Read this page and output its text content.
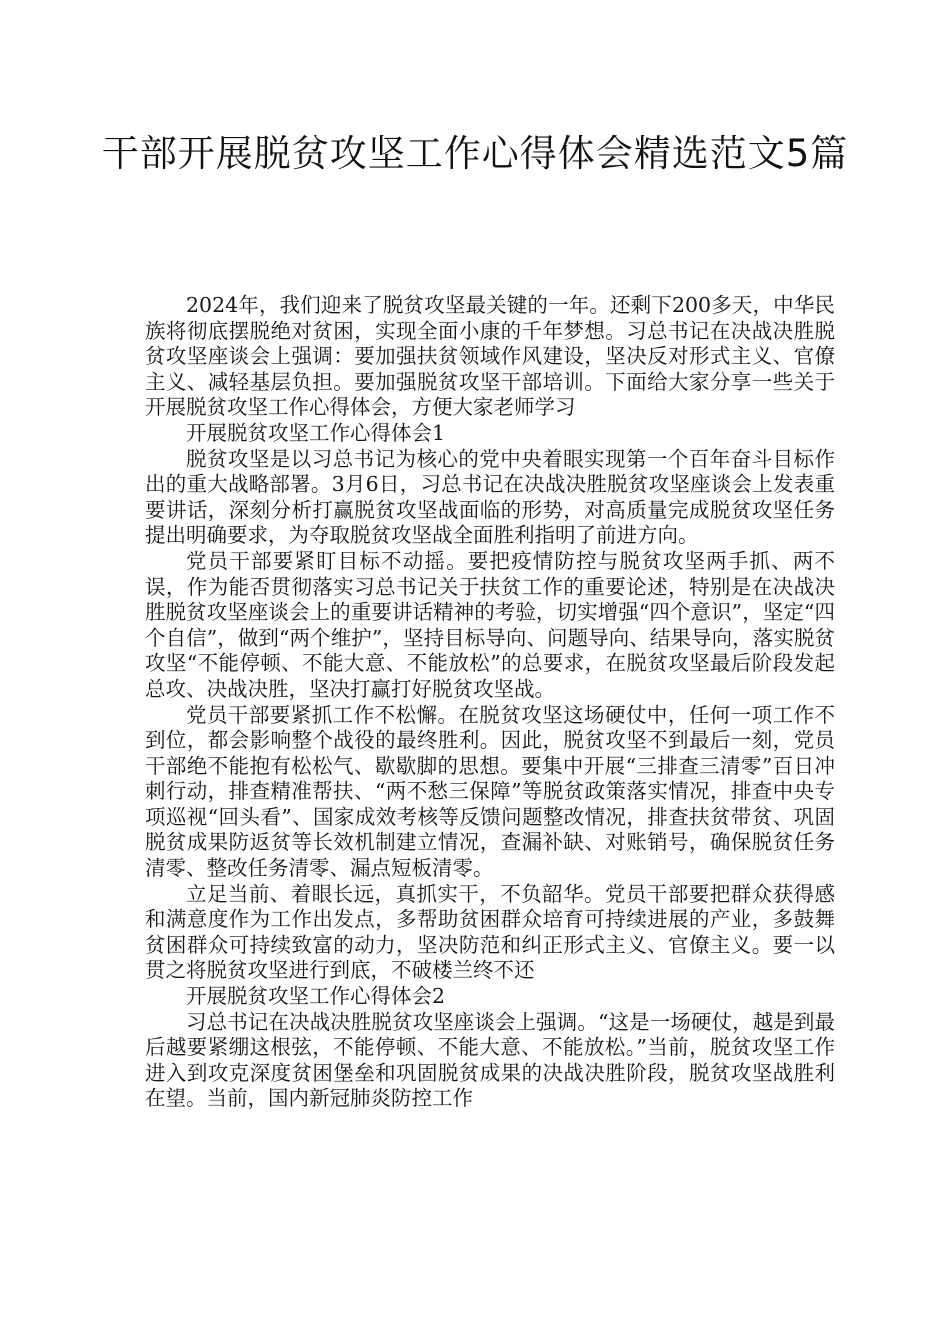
干部开展脱贫攻坚工作心得体会精选范文5篇

2024年，我们迎来了脱贫攻坚最关键的一年。还剩下200多天，中华民族将彻底摆脱绝对贫困，实现全面小康的千年梦想。习总书记在决战决胜脱贫攻坚座谈会上强调：要加强扶贫领域作风建设，坚决反对形式主义、官僚主义、减轻基层负担。要加强脱贫攻坚干部培训。下面给大家分享一些关于开展脱贫攻坚工作心得体会，方便大家老师学习

开展脱贫攻坚工作心得体会1

脱贫攻坚是以习总书记为核心的党中央着眼实现第一个百年奋斗目标作出的重大战略部署。3月6日，习总书记在决战决胜脱贫攻坚座谈会上发表重要讲话，深刻分析打赢脱贫攻坚战面临的形势，对高质量完成脱贫攻坚任务提出明确要求，为夺取脱贫攻坚战全面胜利指明了前进方向。

党员干部要紧盯目标不动摇。要把疫情防控与脱贫攻坚两手抓、两不误，作为能否贯彻落实习总书记关于扶贫工作的重要论述，特别是在决战决胜脱贫攻坚座谈会上的重要讲话精神的考验，切实增强“四个意识”，坚定“四个自信”，做到“两个维护”，坚持目标导向、问题导向、结果导向，落实脱贫攻坚“不能停顿、不能大意、不能放松”的总要求，在脱贫攻坚最后阶段发起总攻、决战决胜，坚决打赢打好脱贫攻坚战。

党员干部要紧抓工作不松懈。在脱贫攻坚这场硬仗中，任何一项工作不到位，都会影响整个战役的最终胜利。因此，脱贫攻坚不到最后一刻，党员干部绝不能抱有松松气、歇歇脚的思想。要集中开展“三排查三清零”百日冲刺行动，排查精准帮扶、“两不愁三保障”等脱贫政策落实情况，排查中央专项巡视“回头看”、国家成效考核等反馈问题整改情况，排查扶贫带贫、巩固脱贫成果防返贫等长效机制建立情况，查漏补缺、对账销号，确保脱贫任务清零、整改任务清零、漏点短板清零。

立足当前、着眼长远，真抓实干，不负韶华。党员干部要把群众获得感和满意度作为工作出发点，多帮助贫困群众培育可持续进展的产业，多鼓舞贫困群众可持续致富的动力，坚决防范和纠正形式主义、官僚主义。要一以贯之将脱贫攻坚进行到底，不破楼兰终不还

开展脱贫攻坚工作心得体会2

习总书记在决战决胜脱贫攻坚座谈会上强调。“这是一场硬仗，越是到最后越要紧绷这根弦，不能停顿、不能大意、不能放松。”当前，脱贫攻坚工作进入到攻克深度贫困堡垒和巩固脱贫成果的决战决胜阶段，脱贫攻坚战胜利在望。当前，国内新冠肺炎防控工作
